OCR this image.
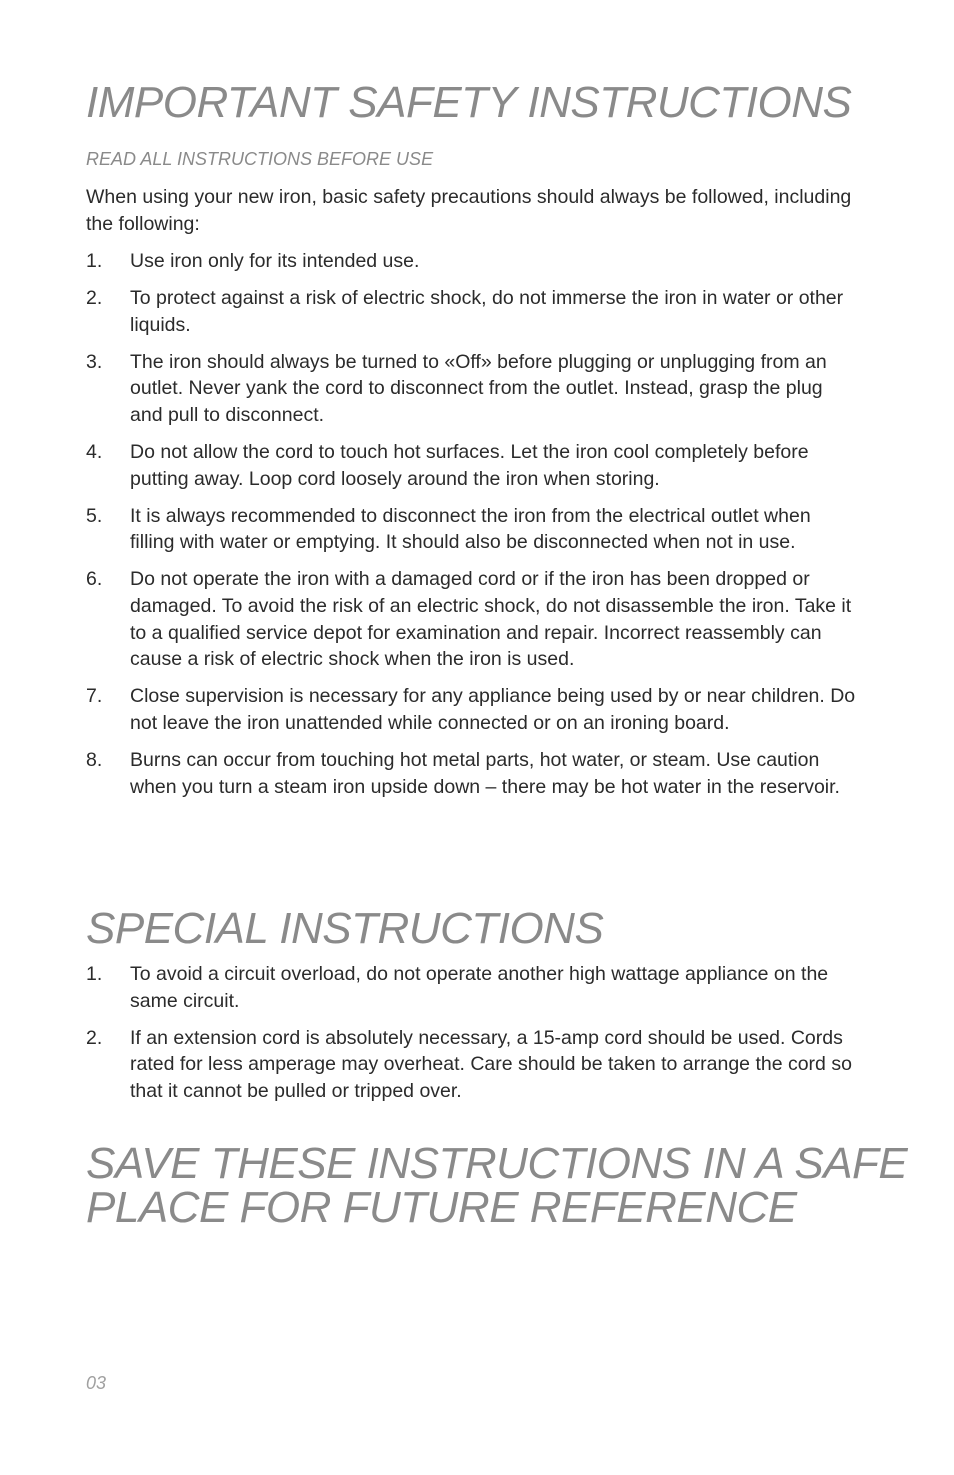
IMPORTANT SAFETY INSTRUCTIONS

READ ALL INSTRUCTIONS BEFORE USE

When using your new iron, basic safety precautions should always be followed, including the following:

1. Use iron only for its intended use.
2. To protect against a risk of electric shock, do not immerse the iron in water or other liquids.
3. The iron should always be turned to «Off» before plugging or unplugging from an outlet. Never yank the cord to disconnect from the outlet. Instead, grasp the plug and pull to disconnect.
4. Do not allow the cord to touch hot surfaces. Let the iron cool completely before putting away. Loop cord loosely around the iron when storing.
5. It is always recommended to disconnect the iron from the electrical outlet when filling with water or emptying. It should also be disconnected when not in use.
6. Do not operate the iron with a damaged cord or if the iron has been dropped or damaged. To avoid the risk of an electric shock, do not disassemble the iron. Take it to a qualified service depot for examination and repair. Incorrect reassembly can cause a risk of electric shock when the iron is used.
7. Close supervision is necessary for any appliance being used by or near children. Do not leave the iron unattended while connected or on an ironing board.
8. Burns can occur from touching hot metal parts, hot water, or steam. Use caution when you turn a steam iron upside down – there may be hot water in the reservoir.
SPECIAL INSTRUCTIONS
1. To avoid a circuit overload, do not operate another high wattage appliance on the same circuit.
2. If an extension cord is absolutely necessary, a 15-amp cord should be used. Cords rated for less amperage may overheat. Care should be taken to arrange the cord so that it cannot be pulled or tripped over.
SAVE THESE INSTRUCTIONS IN A SAFE
PLACE FOR FUTURE REFERENCE
03
